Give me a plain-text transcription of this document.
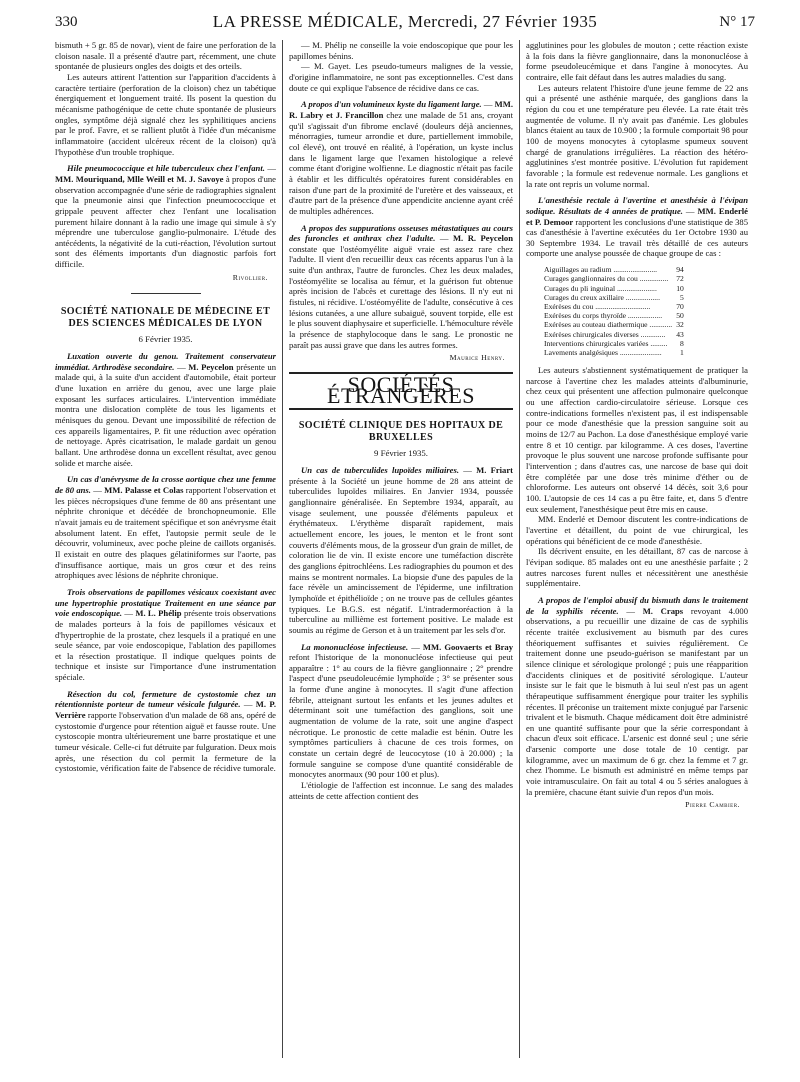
330	LA PRESSE MÉDICALE, Mercredi, 27 Février 1935	N° 17

bismuth + 5 gr. 85 de novar), vient de faire une perforation de la cloison nasale. Il a présenté d'autre part, récemment, une chute spontanée de plusieurs ongles des doigts et des orteils.

Les auteurs attirent l'attention sur l'apparition d'accidents à caractère tertiaire (perforation de la cloison) chez un tabétique énergiquement et longuement traité. Ils posent la question du mécanisme pathogénique de cette chute spontanée de plusieurs ongles, symptôme déjà signalé chez les syphilitiques anciens par le prof. Favre, et se rallient plutôt à l'idée d'un mécanisme inflammatoire (accident ulcéreux récent de la cloison) qu'à l'hypothèse d'un trouble trophique.

Hile pneumococcique et hile tuberculeux chez l'enfant. — MM. Mouriquand, Mlle Weill et M. J. Savoye à propos d'une observation accompagnée d'une série de radiographies signalent que la pneumonie ainsi que l'infection pneumococcique et grippale peuvent affecter chez l'enfant une localisation purement hilaire donnant à la radio une image qui simule à s'y méprendre une tuberculose ganglio-pulmonaire. L'étude des antécédents, la négativité de la cuti-réaction, l'évolution surtout sont des éléments importants d'un diagnostic parfois fort difficile.

Rivollier.
SOCIÉTÉ NATIONALE DE MÉDECINE ET DES SCIENCES MÉDICALES DE LYON
6 Février 1935.

Luxation ouverte du genou. Traitement conservateur immédiat. Arthrodèse secondaire. — M. Peycelon présente un malade qui, à la suite d'un accident d'automobile, était porteur d'une luxation en arrière du genou, avec une large plaie exposant les surfaces articulaires. L'intervention immédiate montra une dislocation complète de tous les ligaments et ménisques du genou. Devant une impossibilité de réfection de ces appareils ligamentaires, P. fit une réduction avec opération de nettoyage. Après cicatrisation, le malade gardait un genou ballant. Une arthrodèse donna un excellent résultat, avec genou solide et marche aisée.

Un cas d'anévrysme de la crosse aortique chez une femme de 80 ans. — MM. Palasse et Colas rapportent l'observation et les pièces nécropsiques d'une femme de 80 ans présentant une néphrite chronique et décédée de bronchopneumonie. Elle n'avait jamais eu de traitement spécifique et son anévrysme était absolument latent. En effet, l'autopsie permit seule de le découvrir, volumineux, avec poche pleine de caillots organisés. Il existait en outre des plaques gélatiniformes sur l'aorte, pas d'insuffisance aortique, mais un gros cœur et des reins atrophiques avec lésions de néphrite chronique.

Trois observations de papillomes vésicaux coexistant avec une hypertrophie prostatique Traitement en une séance par voie endoscopique. — M. L. Phélip présente trois observations de malades porteurs à la fois de papillomes vésicaux et d'hypertrophie de la prostate, chez lesquels il a pratiqué en une seule séance, par voie endoscopique, l'ablation des papillomes et la résection prostatique. Il indique quelques points de technique et insiste sur l'importance d'une instrumentation spéciale.

Résection du col, fermeture de cystostomie chez un rétentionniste porteur de tumeur vésicale fulgurée. — M. P. Verrière rapporte l'observation d'un malade de 68 ans, opéré de cystostomie d'urgence pour rétention aiguë et fausse route. Une cystoscopie montra ultérieurement une barre prostatique et une tumeur vésicale. Celle-ci fut détruite par fulguration. Deux mois après, une résection du col permit la fermeture de la cystostomie, vérification faite de l'absence de récidive tumorale.

— M. Phélip ne conseille la voie endoscopique que pour les papillomes bénins.

— M. Gayet. Les pseudo-tumeurs malignes de la vessie, d'origine inflammatoire, ne sont pas exceptionnelles. C'est dans doute ce qui explique l'absence de récidive dans ce cas.

A propos d'un volumineux kyste du ligament large. — MM. R. Labry et J. Francillon chez une malade de 51 ans, croyant qu'il s'agissait d'un fibrome enclavé (douleurs déjà anciennes, ménorragies, tumeur arrondie et dure, partiellement immobile, col élevé), ont trouvé en réalité, à l'opération, un kyste inclus dans le ligament large que l'examen histologique a relevé comme étant d'origine wolfienne. Le diagnostic n'était pas facile à établir et les difficultés opératoires furent considérables en raison d'une part de la proximité de l'uretère et des vaisseaux, et d'autre part de la présence d'une appendicite ancienne ayant créé de multiples adhérences.

A propos des suppurations osseuses métastatiques au cours des furoncles et anthrax chez l'adulte. — M. R. Peycelon constate que l'ostéomyélite aiguë vraie est assez rare chez l'adulte. Il vient d'en recueillir deux cas récents apparus l'un à la suite d'un anthrax, l'autre de furoncles. Chez les deux malades, l'ostéomyélite se localisa au fémur, et la guérison fut obtenue après incision de l'abcès et curettage des lésions. Il n'y eut ni fistules, ni récidive. L'ostéomyélite de l'adulte, consécutive à ces lésions cutanées, a une allure subaiguë, souvent torpide, elle est le plus souvent diaphysaire et superficielle. L'hémoculture révèle la présence de staphylocoque dans le sang. Le pronostic ne paraît pas aussi grave que dans les autres formes.

Maurice Henry.
SOCIÉTÉS ÉTRANGÈRES
SOCIÉTÉ CLINIQUE DES HOPITAUX DE BRUXELLES
9 Février 1935.

Un cas de tuberculides lupoïdes miliaires. — M. Friart présente à la Société un jeune homme de 28 ans atteint de tuberculides lupoïdes miliaires. En Janvier 1934, poussée ganglionnaire généralisée. En Septembre 1934, apparaît, au visage seulement, une poussée d'éléments papuleux et érythémateux. L'érythème disparaît rapidement, mais actuellement encore, les joues, le menton et le front sont couverts d'éléments mous, de la grosseur d'un grain de millet, de coloration lie de vin. Il existe encore une tuméfaction discrète des ganglions épitrochléens. Les radiographies du poumon et des mains se montrent normales. La biopsie d'une des papules de la face révèle un amincissement de l'épiderme, une infiltration lymphoïde et épithélioïde ; on ne trouve pas de cellules géantes typiques. Le B.G.S. est négatif. L'intradermoréaction à la tuberculine au millième est fortement positive. Le malade est soumis au régime de Gerson et à un traitement par les sels d'or.

La mononucléose infectieuse. — MM. Goovaerts et Bray refont l'historique de la mononucléose infectieuse qui peut apparaître : 1° au cours de la fièvre ganglionnaire ; 2° prendre l'aspect d'une pseudoleucémie lymphoïde ; 3° se présenter sous la forme d'une angine à monocytes. Il s'agit d'une affection fébrile, atteignant surtout les enfants et les jeunes adultes et déterminant soit une tuméfaction des ganglions, soit une augmentation de volume de la rate, soit une angine d'aspect nécrotique. Le pronostic de cette maladie est bénin. Outre les symptômes particuliers à chacune de ces trois formes, on constate un certain degré de leucocytose (10 à 20.000) ; la formule sanguine se compose d'une quantité considérable de monocytes anormaux (90 pour 100 et plus).

L'étiologie de l'affection est inconnue. Le sang des malades atteints de cette affection contient des

agglutinines pour les globules de mouton ; cette réaction existe à la fois dans la fièvre ganglionnaire, dans la mononucléose à forme pseudoleucémique et dans l'angine à monocytes. Au contraire, elle fait défaut dans les autres maladies du sang.

Les auteurs relatent l'histoire d'une jeune femme de 22 ans qui a présenté une asthénie marquée, des ganglions dans la région du cou et une température peu élevée. La rate était très augmentée de volume. Il n'y avait pas d'anémie. Les globules blancs étaient au taux de 10.900 ; la formule comportait 98 pour 100 de moyens monocytes à cytoplasme spumeux souvent chargé de granulations irrégulières. La réaction des hétéro-agglutinines s'est montrée positive. L'évolution fut rapidement favorable ; la formule est redevenue normale. Les ganglions et la rate ont repris un volume normal.

L'anesthésie rectale à l'avertine et anesthésie à l'évipan sodique. Résultats de 4 années de pratique. — MM. Enderlé et P. Demoor rapportent les conclusions d'une statistique de 385 cas d'anesthésie à l'avertine exécutées du 1er Octobre 1930 au 30 Septembre 1934. Le travail très détaillé de ces auteurs comporte une analyse poussée de chaque groupe de cas :

Aiguillages au radium .......................	94
Curages ganglionnaires du cou ...............	72
Curages du pli inguinal .....................	10
Curages du creux axillaire ..................	5
Exérèses du cou .............................	70
Exérèses du corps thyroïde ..................	50
Exérèses au couteau diathermique ............	32
Exérèses chirurgicales diverses .............	43
Interventions chirurgicales variées .........	8
Lavements analgésiques ......................	1

Les auteurs s'abstiennent systématiquement de pratiquer la narcose à l'avertine chez les malades atteints d'albuminurie, chez ceux qui présentent une affection pulmonaire quelconque ou une affection cardio-circulatoire sérieuse. Lorsque ces contre-indications formelles n'existent pas, il est indispensable pour ce mode d'anesthésie que la pression sanguine soit au moins de 12/7 au Pachon. La dose d'anesthésique employé varie entre 8 et 10 centigr. par kilogramme. A ces doses, l'avertine provoque le plus souvent une narcose profonde suffisante pour l'intervention ; dans d'autres cas, une narcose de base qui doit être complétée par une dose très minime d'éther ou de chloroforme. Les auteurs ont observé 14 décès, soit 3,6 pour 100. L'autopsie de ces 14 cas a pu être faite, et, dans 5 d'entre eux seulement, l'anesthésique peut être mis en cause.

MM. Enderlé et Demoor discutent les contre-indications de l'avertine et détaillent, du point de vue chirurgical, les opérations qui bénéficient de ce mode d'anesthésie.

Ils décrivent ensuite, en les détaillant, 87 cas de narcose à l'évipan sodique. 85 malades ont eu une anesthésie parfaite ; 2 autres narcoses furent nulles et nécessitèrent une anesthésie supplémentaire.

A propos de l'emploi abusif du bismuth dans le traitement de la syphilis récente. — M. Craps revoyant 4.000 observations, a pu recueillir une dizaine de cas de syphilis récente traitée exclusivement au bismuth par des cures théoriquement suffisantes et suivies régulièrement. Ce traitement donne une pseudo-guérison se manifestant par un silence clinique et sérologique prolongé ; puis une réapparition d'accidents cliniques et de positivité sérologique. L'auteur insiste sur le fait que le bismuth à lui seul n'est pas un agent thérapeutique suffisamment énergique pour traiter les syphilis récentes. Il préconise un traitement mixte conjugué par l'arsenic trivalent et le bismuth. Chaque médicament doit être administré en une quantité suffisante pour que la série correspondant à chacun d'eux soit efficace. L'arsenic est donné seul ; une série d'arsenic comporte une dose totale de 10 centigr. par kilogramme, avec un maximum de 6 gr. chez la femme et 7 gr. chez l'homme. Le bismuth est administré en même temps par voie intramusculaire. On fait au total 4 ou 5 séries analogues à la première, chacune étant suivie d'un repos d'un mois.

Pierre Cambier.
